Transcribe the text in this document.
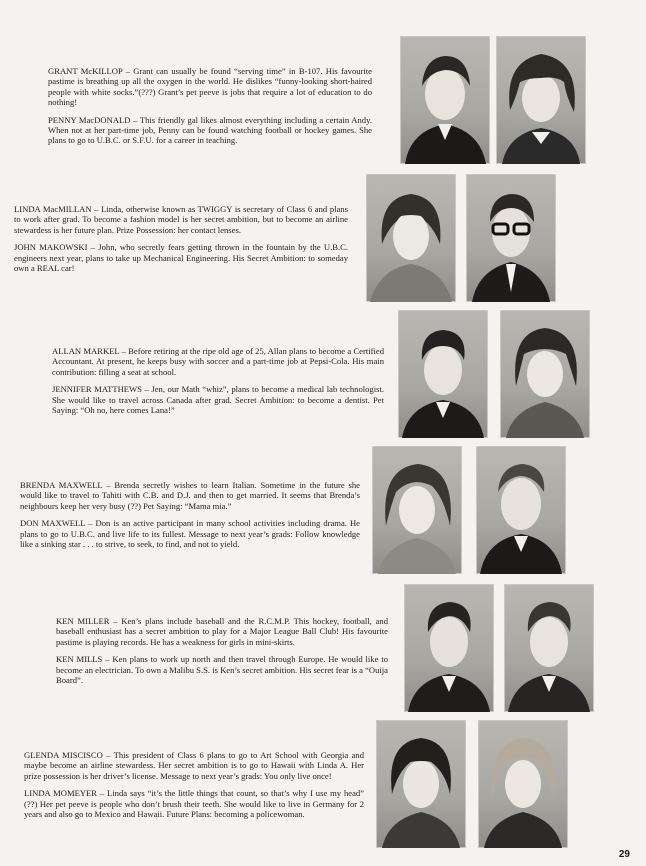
GRANT McKILLOP – Grant can usually be found “serving time” in B-107. His favourite pastime is breathing up all the oxygen in the world. He dislikes “funny-looking short-haired people with white socks.”(???) Grant’s pet peeve is jobs that require a lot of education to do nothing!

PENNY MacDONALD – This friendly gal likes almost everything including a certain Andy. When not at her part-time job, Penny can be found watching football or hockey games. She plans to go to U.B.C. or S.F.U. for a career in teaching.

LINDA MacMILLAN – Linda, otherwise known as TWIGGY is secretary of Class 6 and plans to work after grad. To become a fashion model is her secret ambition, but to become an airline stewardess is her future plan. Prize Possession: her contact lenses.

JOHN MAKOWSKI – John, who secretly fears getting thrown in the fountain by the U.B.C. engineers next year, plans to take up Mechanical Engineering. His Secret Ambition: to someday own a REAL car!

ALLAN MARKEL – Before retiring at the ripe old age of 25, Allan plans to become a Certified Accountant. At present, he keeps busy with soccer and a part-time job at Pepsi-Cola. His main contribution: filling a seat at school.

JENNIFER MATTHEWS – Jen, our Math “whiz”, plans to become a medical lab technologist. She would like to travel across Canada after grad. Secret Ambition: to become a dentist. Pet Saying: “Oh no, here comes Lana!”

BRENDA MAXWELL – Brenda secretly wishes to learn Italian. Sometime in the future she would like to travel to Tahiti with C.B. and D.J. and then to get married. It seems that Brenda’s neighbours keep her very busy (??) Pet Saying: “Mama mia.”

DON MAXWELL – Don is an active participant in many school activities including drama. He plans to go to U.B.C. and live life to its fullest. Message to next year’s grads: Follow knowledge like a sinking star . . . to strive, to seek, to find, and not to yield.

KEN MILLER – Ken’s plans include baseball and the R.C.M.P. This hockey, football, and baseball enthusiast has a secret ambition to play for a Major League Ball Club! His favourite pastime is playing records. He has a weakness for girls in mini-skirts.

KEN MILLS – Ken plans to work up north and then travel through Europe. He would like to become an electrician. To own a Malibu S.S. is Ken’s secret ambition. His secret fear is a “Ouija Board”.

GLENDA MISCISCO – This president of Class 6 plans to go to Art School with Georgia and maybe become an airline stewardess. Her secret ambition is to go to Hawaii with Linda A. Her prize possession is her driver’s license. Message to next year’s grads: You only live once!

LINDA MOMEYER – Linda says “it’s the little things that count, so that’s why I use my head” (??) Her pet peeve is people who don’t brush their teeth. She would like to live in Germany for 2 years and also go to Mexico and Hawaii. Future Plans: becoming a policewoman.

29
